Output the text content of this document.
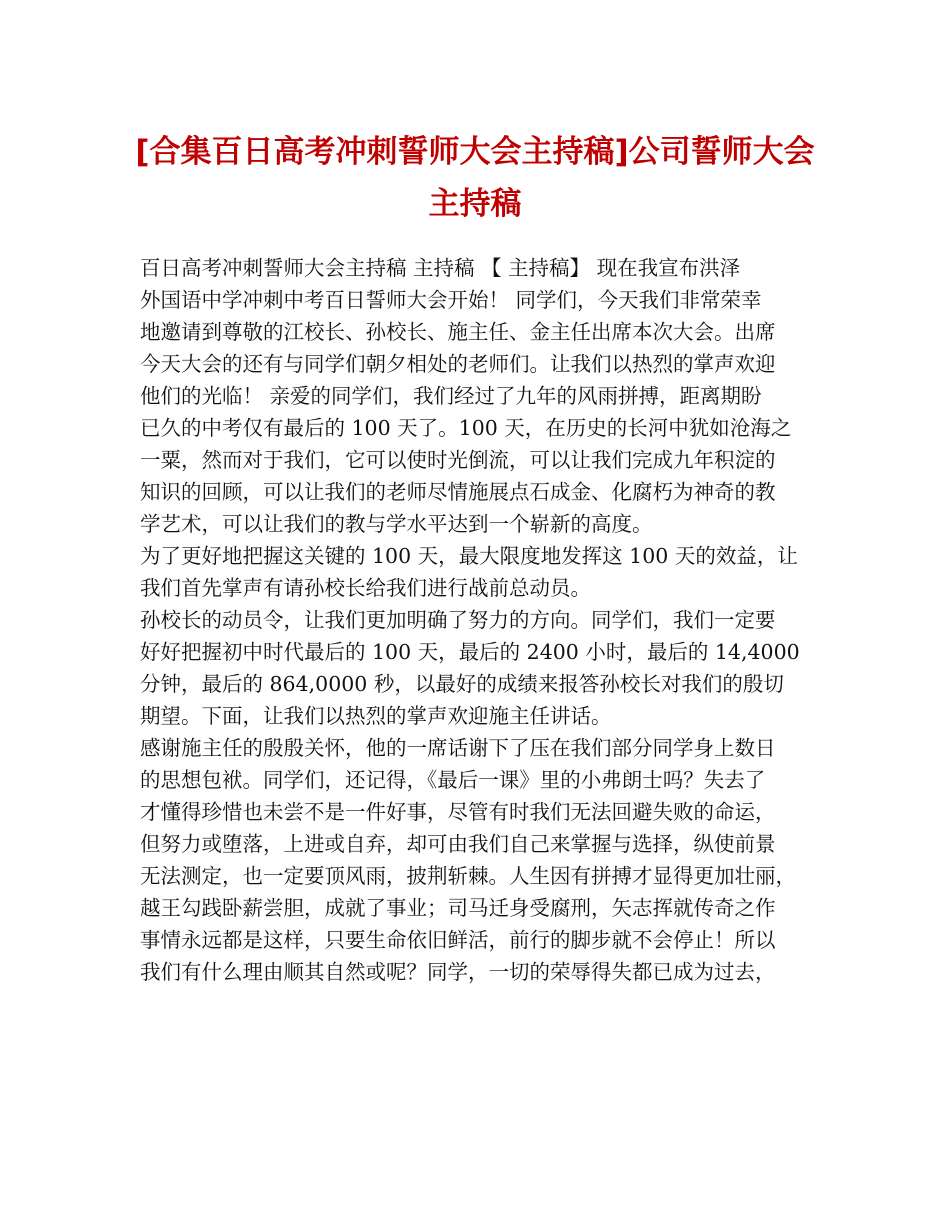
[合集百日高考冲刺誓师大会主持稿]公司誓师大会主持稿
百日高考冲刺誓师大会主持稿 主持稿 【 主持稿】 现在我宣布洪泽
外国语中学冲刺中考百日誓师大会开始！ 同学们，今天我们非常荣幸
地邀请到尊敬的江校长、孙校长、施主任、金主任出席本次大会。出席
今天大会的还有与同学们朝夕相处的老师们。让我们以热烈的掌声欢迎
他们的光临！ 亲爱的同学们，我们经过了九年的风雨拼搏，距离期盼
已久的中考仅有最后的 100 天了。100 天，在历史的长河中犹如沧海之
一粟，然而对于我们，它可以使时光倒流，可以让我们完成九年积淀的
知识的回顾，可以让我们的老师尽情施展点石成金、化腐朽为神奇的教
学艺术，可以让我们的教与学水平达到一个崭新的高度。
为了更好地把握这关键的 100 天，最大限度地发挥这 100 天的效益，让
我们首先掌声有请孙校长给我们进行战前总动员。
孙校长的动员令，让我们更加明确了努力的方向。同学们，我们一定要
好好把握初中时代最后的 100 天，最后的 2400 小时，最后的 14,4000
分钟，最后的 864,0000 秒，以最好的成绩来报答孙校长对我们的殷切
期望。下面，让我们以热烈的掌声欢迎施主任讲话。
感谢施主任的殷殷关怀，他的一席话谢下了压在我们部分同学身上数日
的思想包袱。同学们，还记得，《最后一课》里的小弗朗士吗？失去了
才懂得珍惜也未尝不是一件好事，尽管有时我们无法回避失败的命运，
但努力或堕落，上进或自弃，却可由我们自己来掌握与选择，纵使前景
无法测定，也一定要顶风雨，披荆斩棘。人生因有拼搏才显得更加壮丽，
越王勾践卧薪尝胆，成就了事业；司马迁身受腐刑，矢志挥就传奇之作
事情永远都是这样，只要生命依旧鲜活，前行的脚步就不会停止！所以
我们有什么理由顺其自然或呢？同学，一切的荣辱得失都已成为过去，
